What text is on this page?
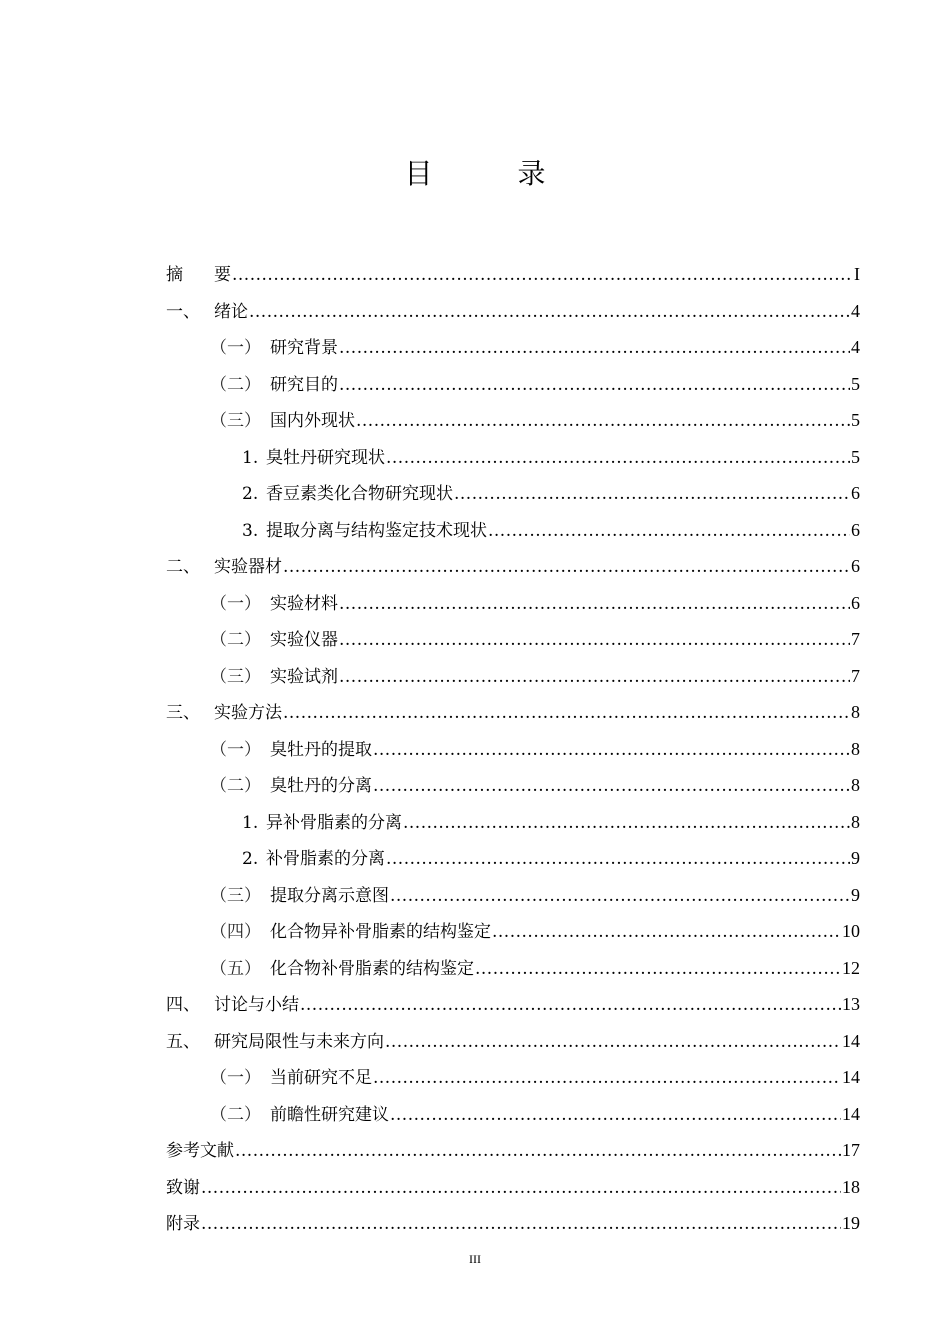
目 录
摘	要 .....	I
一、 绪论 .....	4
（一） 研究背景 .....	4
（二） 研究目的 .....	5
（三） 国内外现状 .....	5
1. 臭牡丹研究现状 .....	5
2. 香豆素类化合物研究现状 .....	6
3. 提取分离与结构鉴定技术现状 .....	6
二、 实验器材 .....	6
（一） 实验材料 .....	6
（二） 实验仪器 .....	7
（三） 实验试剂 .....	7
三、 实验方法 .....	8
（一） 臭牡丹的提取 .....	8
（二） 臭牡丹的分离 .....	8
1. 异补骨脂素的分离 .....	8
2. 补骨脂素的分离 .....	9
（三） 提取分离示意图 .....	9
（四） 化合物异补骨脂素的结构鉴定 .....	10
（五） 化合物补骨脂素的结构鉴定 .....	12
四、 讨论与小结 .....	13
五、 研究局限性与未来方向 .....	14
（一） 当前研究不足 .....	14
（二） 前瞻性研究建议 .....	14
参考文献 .....	17
致谢 .....	18
附录 .....	19
III
